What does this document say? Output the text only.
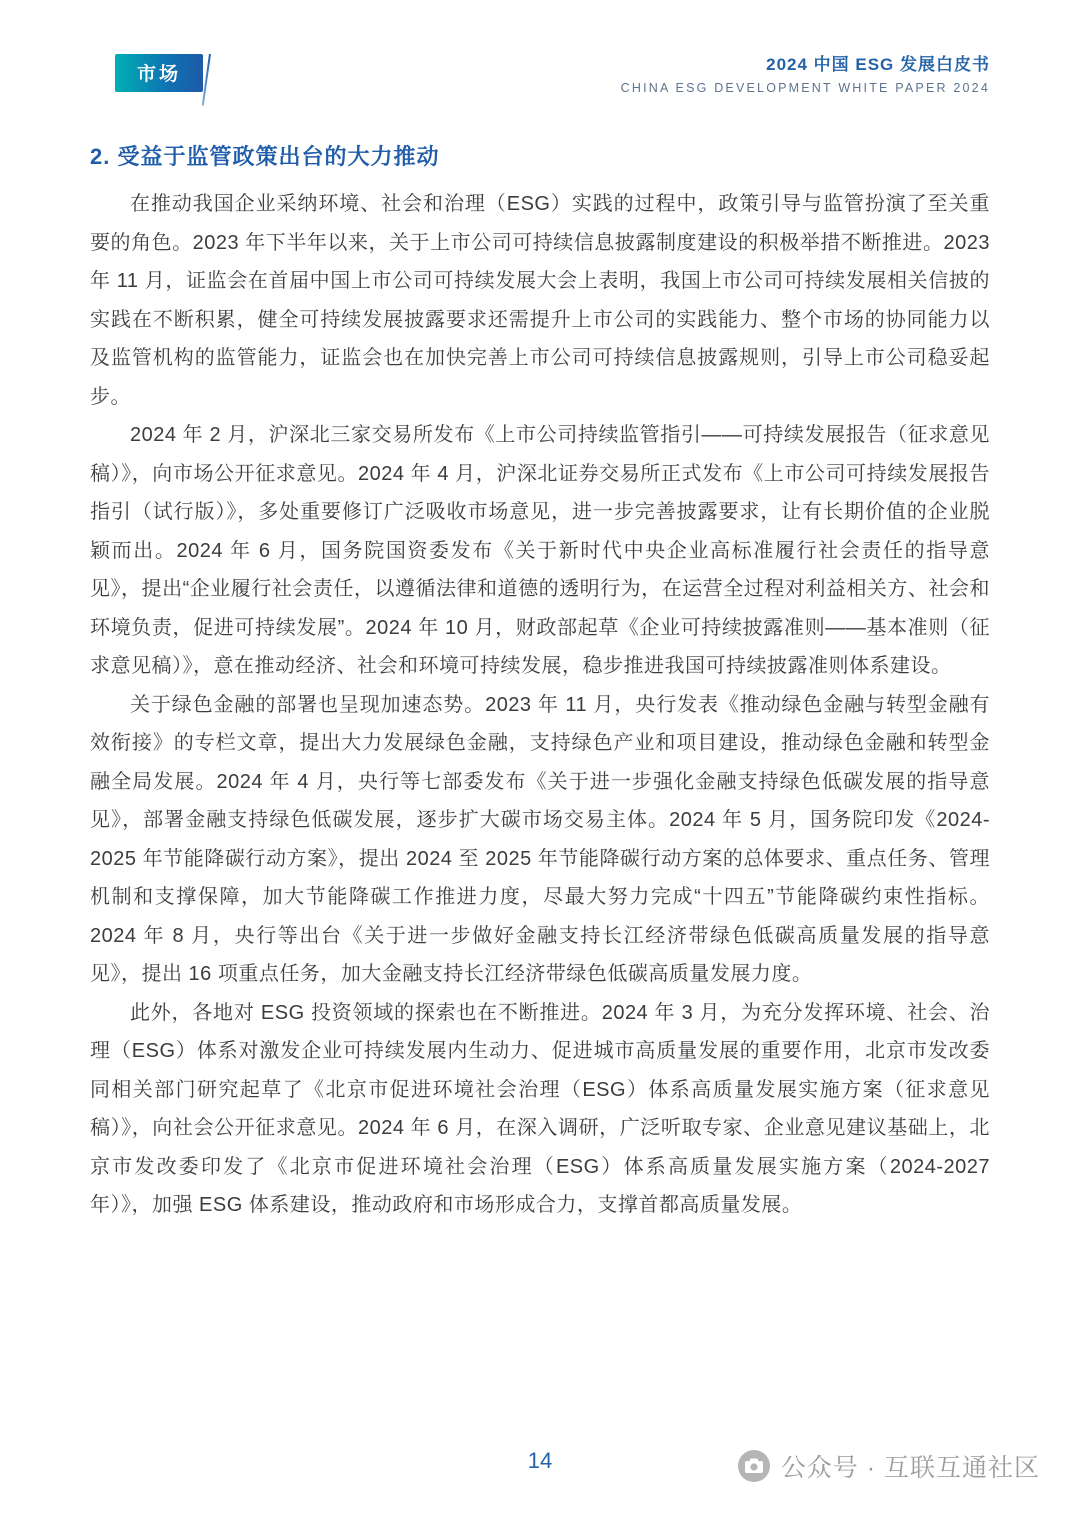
市场	2024 中国 ESG 发展白皮书
CHINA ESG DEVELOPMENT WHITE PAPER 2024
2. 受益于监管政策出台的大力推动

在推动我国企业采纳环境、社会和治理（ESG）实践的过程中，政策引导与监管扮演了至关重要的角色。2023 年下半年以来，关于上市公司可持续信息披露制度建设的积极举措不断推进。2023 年 11 月，证监会在首届中国上市公司可持续发展大会上表明，我国上市公司可持续发展相关信披的实践在不断积累，健全可持续发展披露要求还需提升上市公司的实践能力、整个市场的协同能力以及监管机构的监管能力，证监会也在加快完善上市公司可持续信息披露规则，引导上市公司稳妥起步。

2024 年 2 月，沪深北三家交易所发布《上市公司持续监管指引——可持续发展报告（征求意见稿）》，向市场公开征求意见。2024 年 4 月，沪深北证券交易所正式发布《上市公司可持续发展报告指引（试行版）》，多处重要修订广泛吸收市场意见，进一步完善披露要求，让有长期价值的企业脱颖而出。2024 年 6 月，国务院国资委发布《关于新时代中央企业高标准履行社会责任的指导意见》，提出“企业履行社会责任，以遵循法律和道德的透明行为，在运营全过程对利益相关方、社会和环境负责，促进可持续发展”。2024 年 10 月，财政部起草《企业可持续披露准则——基本准则（征求意见稿）》，意在推动经济、社会和环境可持续发展，稳步推进我国可持续披露准则体系建设。

关于绿色金融的部署也呈现加速态势。2023 年 11 月，央行发表《推动绿色金融与转型金融有效衔接》的专栏文章，提出大力发展绿色金融，支持绿色产业和项目建设，推动绿色金融和转型金融全局发展。2024 年 4 月，央行等七部委发布《关于进一步强化金融支持绿色低碳发展的指导意见》，部署金融支持绿色低碳发展，逐步扩大碳市场交易主体。2024 年 5 月，国务院印发《2024-2025 年节能降碳行动方案》，提出 2024 至 2025 年节能降碳行动方案的总体要求、重点任务、管理机制和支撑保障，加大节能降碳工作推进力度，尽最大努力完成“十四五”节能降碳约束性指标。2024 年 8 月，央行等出台《关于进一步做好金融支持长江经济带绿色低碳高质量发展的指导意见》，提出 16 项重点任务，加大金融支持长江经济带绿色低碳高质量发展力度。

此外，各地对 ESG 投资领域的探索也在不断推进。2024 年 3 月，为充分发挥环境、社会、治理（ESG）体系对激发企业可持续发展内生动力、促进城市高质量发展的重要作用，北京市发改委同相关部门研究起草了《北京市促进环境社会治理（ESG）体系高质量发展实施方案（征求意见稿）》，向社会公开征求意见。2024 年 6 月，在深入调研，广泛听取专家、企业意见建议基础上，北京市发改委印发了《北京市促进环境社会治理（ESG）体系高质量发展实施方案（2024-2027 年）》，加强 ESG 体系建设，推动政府和市场形成合力，支撑首都高质量发展。

14	公众号 · 互联互通社区
